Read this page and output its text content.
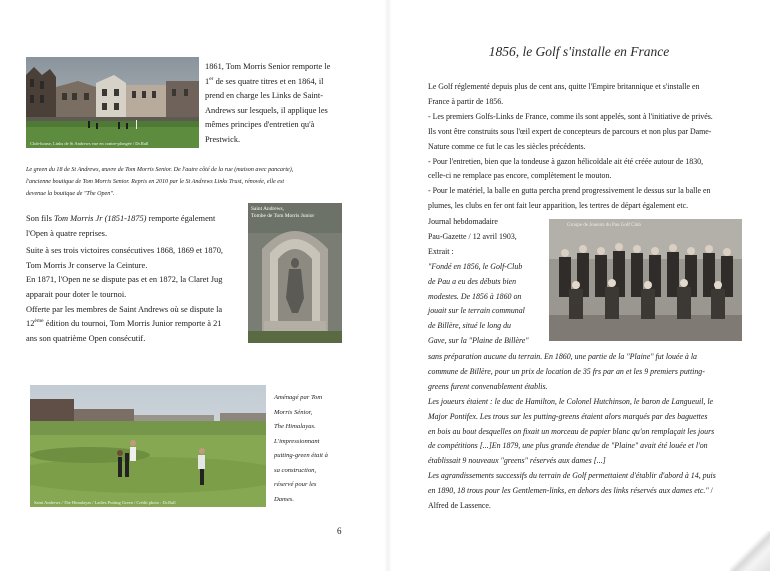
Club-house, Links de St Andrews vue en contre-plongée / Dr.Rall
1861, Tom Morris Senior remporte le
1er de ses quatre titres et en 1864, il
prend en charge les Links de Saint-
Andrews sur lesquels, il applique les
mêmes principes d'entretien qu'à
Prestwick.
Le green du 18 de St Andrews, œuvre de Tom Morris Senior. De l'autre côté de la rue (maison avec pancarte),
l'ancienne boutique de Tom Morris Senior. Repris en 2010 par le St Andrews Links Trust, rénovée, elle est
devenue la boutique de "The Open".
Son fils Tom Morris Jr (1851-1875) remporte également
l'Open à quatre reprises.
Suite à ses trois victoires consécutives 1868, 1869 et 1870,
Tom Morris Jr conserve la Ceinture.
En 1871, l'Open ne se dispute pas et en 1872, la Claret Jug
apparait pour doter le tournoi.
Offerte par les membres de Saint Andrews où se dispute la
12ème édition du tournoi, Tom Morris Junior remporte à 21
ans son quatrième Open consécutif.
Saint Andrews,
Tombe de Tom Morris Junior
Saint Andrews / The Himalayas / Ladies Putting Green / Crédit photo : Dr.Rall
Aménagé par Tom
Morris Sénior,
The Himalayas.
L'impressionnant
putting-green était à
sa construction,
réservé pour les
Dames.
6
1856, le Golf s'installe en France
Le Golf réglementé depuis plus de cent ans, quitte l'Empire britannique et s'installe en
France à partir de 1856.
- Les premiers Golfs-Links de France, comme ils sont appelés, sont à l'initiative de privés.
Ils vont être construits sous l'œil expert de concepteurs de parcours et non plus par Dame-
Nature comme ce fut le cas les siècles précédents.
- Pour l'entretien, bien que la tondeuse à gazon hélicoïdale ait été créée autour de 1830,
celle-ci ne remplace pas encore, complètement le mouton.
- Pour le matériel, la balle en gutta percha prend progressivement le dessus sur la balle en
plumes, les clubs en fer ont fait leur apparition, les tertres de départ également etc.
Journal hebdomadaire
Pau-Gazette / 12 avril 1903,
Extrait :
"Fondé en 1856, le Golf-Club
de Pau a eu des débuts bien
modestes. De 1856 à 1860 on
jouait sur le terrain communal
de Billère, situé le long du
Gave, sur la "Plaine de Billère"
Groupe de Joueurs du Pau Golf Club
sans préparation aucune du terrain. En 1860, une partie de la "Plaine" fut louée à la
commune de Billère, pour un prix de location de 35 frs par an et les 9 premiers putting-
greens furent convenablement établis.
Les joueurs étaient : le duc de Hamilton, le Colonel Hutchinson, le baron de Langueuil, le
Major Pontifex. Les trous sur les putting-greens étaient alors marqués par des baguettes
en bois au bout desquelles on fixait un morceau de papier blanc qu'on remplaçait les jours
de compétitions [...]En 1879, une plus grande étendue de "Plaine" avait été louée et l'on
établissait 9 nouveaux "greens" réservés aux dames [...]
Les agrandissements successifs du terrain de Golf permettaient d'établir d'abord à 14, puis
en 1890, 18 trous pour les Gentlemen-links, en dehors des links réservés aux dames etc." /
Alfred de Lassence.
